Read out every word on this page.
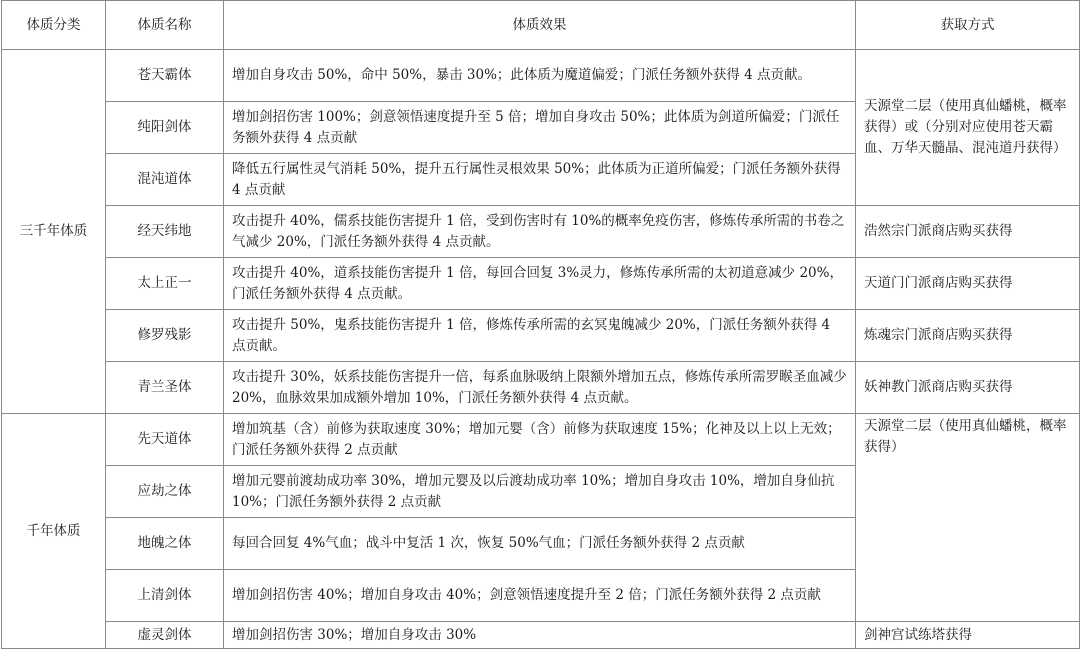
体质分类	体质名称	体质效果	获取方式
三千年体质	苍天霸体	增加自身攻击 50%，命中 50%，暴击 30%；此体质为魔道偏爱；门派任务额外获得 4 点贡献。	天源堂二层（使用真仙蟠桃，概率获得）或（分别对应使用苍天霸血、万华天髓晶、混沌道丹获得）
	纯阳剑体	增加剑招伤害 100%；剑意领悟速度提升至 5 倍；增加自身攻击 50%；此体质为剑道所偏爱；门派任务额外获得 4 点贡献	
	混沌道体	降低五行属性灵气消耗 50%，提升五行属性灵根效果 50%；此体质为正道所偏爱；门派任务额外获得 4 点贡献	
	经天纬地	攻击提升 40%，儒系技能伤害提升 1 倍，受到伤害时有 10%的概率免疫伤害，修炼传承所需的书卷之气减少 20%，门派任务额外获得 4 点贡献。	浩然宗门派商店购买获得
	太上正一	攻击提升 40%，道系技能伤害提升 1 倍，每回合回复 3%灵力，修炼传承所需的太初道意减少 20%，门派任务额外获得 4 点贡献。	天道门门派商店购买获得
	修罗残影	攻击提升 50%，鬼系技能伤害提升 1 倍，修炼传承所需的玄冥鬼魄减少 20%，门派任务额外获得 4 点贡献。	炼魂宗门派商店购买获得
	青兰圣体	攻击提升 30%，妖系技能伤害提升一倍，每系血脉吸纳上限额外增加五点，修炼传承所需罗睺圣血减少 20%，血脉效果加成额外增加 10%，门派任务额外获得 4 点贡献。	妖神教门派商店购买获得
千年体质	先天道体	增加筑基（含）前修为获取速度 30%；增加元婴（含）前修为获取速度 15%；化神及以上以上无效；门派任务额外获得 2 点贡献	天源堂二层（使用真仙蟠桃，概率获得）
	应劫之体	增加元婴前渡劫成功率 30%，增加元婴及以后渡劫成功率 10%；增加自身攻击 10%，增加自身仙抗 10%；门派任务额外获得 2 点贡献	
	地魄之体	每回合回复 4%气血；战斗中复活 1 次，恢复 50%气血；门派任务额外获得 2 点贡献	
	上清剑体	增加剑招伤害 40%；增加自身攻击 40%；剑意领悟速度提升至 2 倍；门派任务额外获得 2 点贡献	
	虚灵剑体	增加剑招伤害 30%；增加自身攻击 30%	剑神宫试练塔获得
